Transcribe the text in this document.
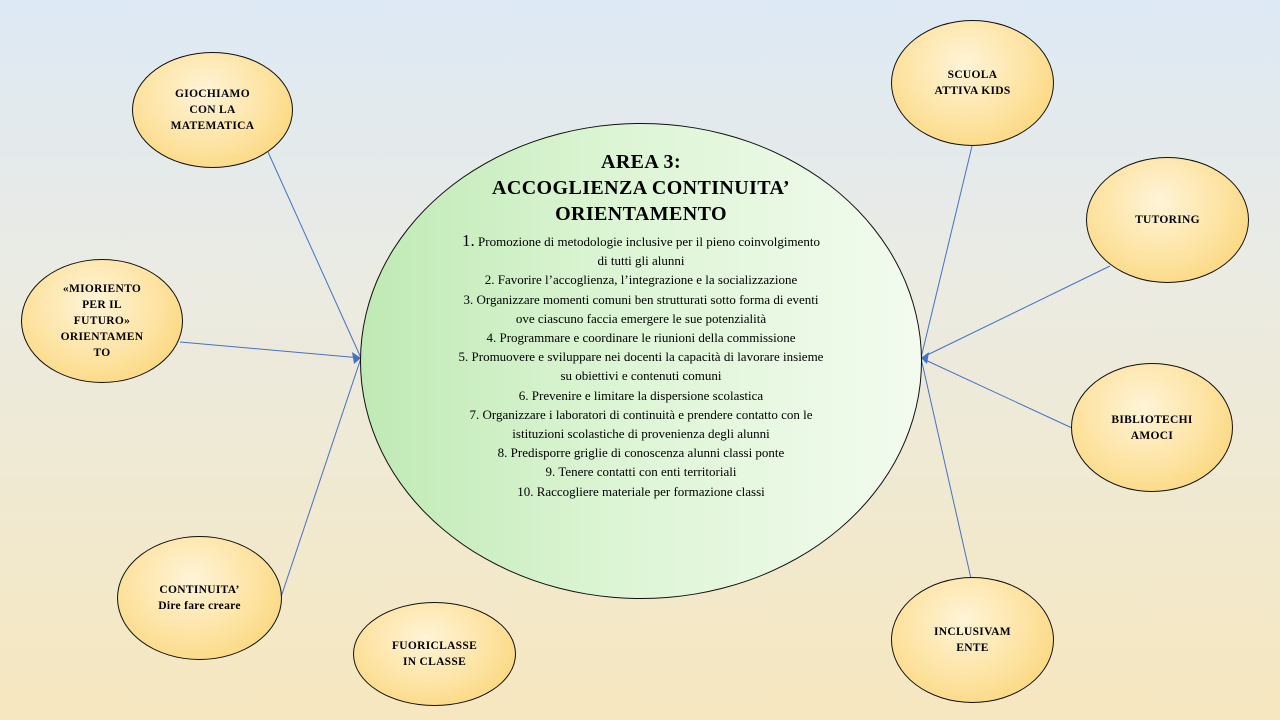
AREA 3:
ACCOGLIENZA CONTINUITA’
ORIENTAMENTO

1. Promozione di metodologie inclusive per il pieno coinvolgimento di tutti gli alunni
2. Favorire l’accoglienza, l’integrazione e la socializzazione
3. Organizzare momenti comuni ben strutturati sotto forma di eventi ove ciascuno faccia emergere le sue potenzialità
4. Programmare e coordinare le riunioni della commissione
5. Promuovere e sviluppare nei docenti la capacità di lavorare insieme su obiettivi e contenuti comuni
6. Prevenire e limitare la dispersione scolastica
7. Organizzare i laboratori di continuità e prendere contatto con le istituzioni scolastiche di provenienza degli alunni
8. Predisporre griglie di conoscenza alunni classi ponte
9. Tenere contatti con enti territoriali
10. Raccogliere materiale per formazione classi
GIOCHIAMO
CON LA
MATEMATICA
«MIORIENTO
PER IL
FUTURO»
ORIENTAMEN
TO
CONTINUITA’
Dire fare creare
FUORICLASSE
IN CLASSE
SCUOLA
ATTIVA KIDS
TUTORING
BIBLIOTECHI
AMOCI
INCLUSIVAM
ENTE
